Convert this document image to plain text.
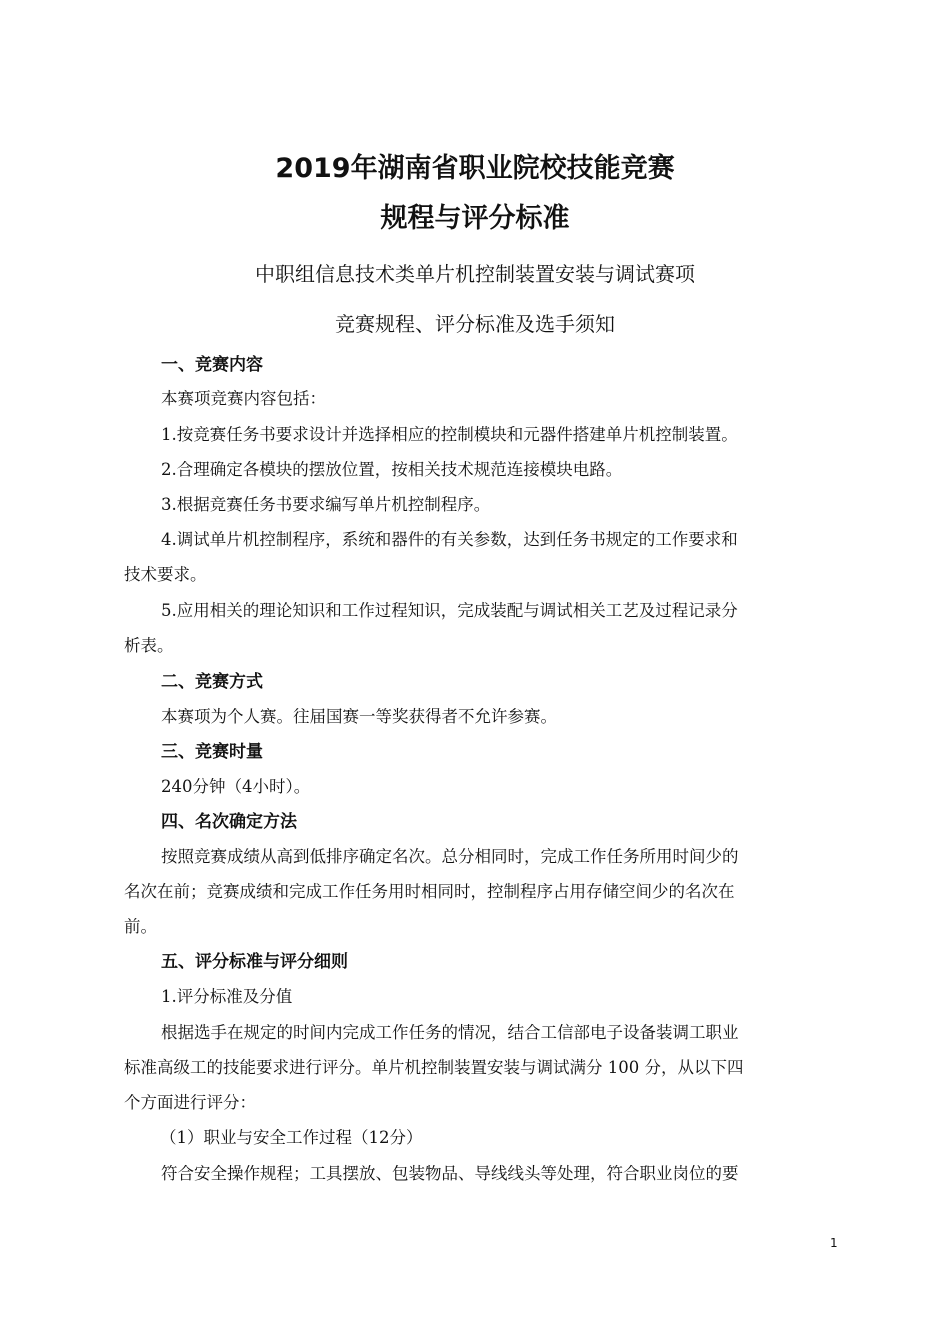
2019年湖南省职业院校技能竞赛
规程与评分标准
中职组信息技术类单片机控制装置安装与调试赛项
竞赛规程、评分标准及选手须知
一、竞赛内容
本赛项竞赛内容包括：
1.按竞赛任务书要求设计并选择相应的控制模块和元器件搭建单片机控制装置。
2.合理确定各模块的摆放位置，按相关技术规范连接模块电路。
3.根据竞赛任务书要求编写单片机控制程序。
4.调试单片机控制程序，系统和器件的有关参数，达到任务书规定的工作要求和
技术要求。
5.应用相关的理论知识和工作过程知识，完成装配与调试相关工艺及过程记录分
析表。
二、竞赛方式
本赛项为个人赛。往届国赛一等奖获得者不允许参赛。
三、竞赛时量
240分钟（4小时）。
四、名次确定方法
按照竞赛成绩从高到低排序确定名次。总分相同时，完成工作任务所用时间少的
名次在前；竞赛成绩和完成工作任务用时相同时，控制程序占用存储空间少的名次在
前。
五、评分标准与评分细则
1.评分标准及分值
根据选手在规定的时间内完成工作任务的情况，结合工信部电子设备装调工职业
标准高级工的技能要求进行评分。单片机控制装置安装与调试满分 100 分，从以下四
个方面进行评分：
（1）职业与安全工作过程（12分）
符合安全操作规程；工具摆放、包装物品、导线线头等处理，符合职业岗位的要
1
